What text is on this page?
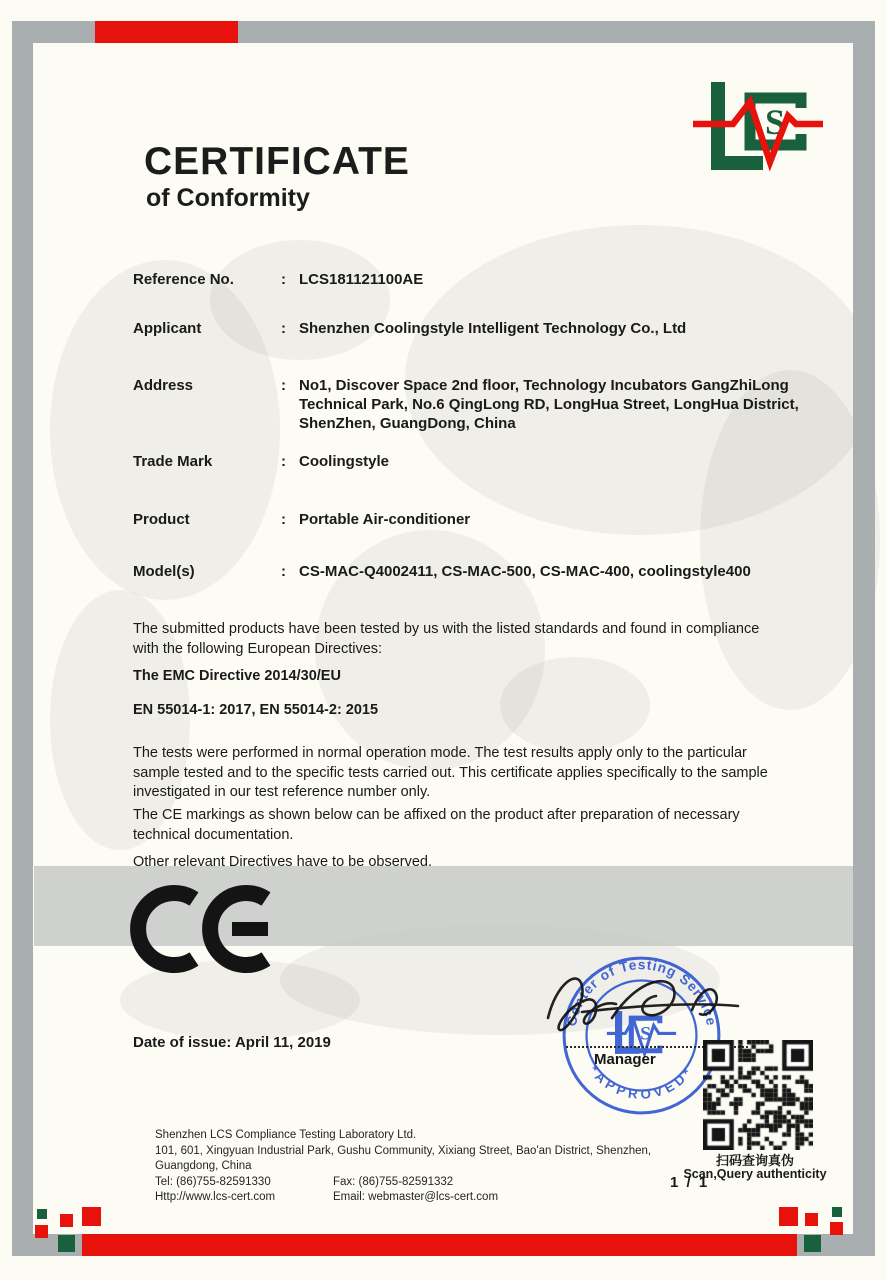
S
CERTIFICATE
of Conformity
Reference No.	: LCS181121100AE
Applicant	: Shenzhen Coolingstyle Intelligent Technology Co., Ltd
Address	: No1, Discover Space 2nd floor, Technology Incubators GangZhiLong Technical Park, No.6 QingLong RD, LongHua Street, LongHua District, ShenZhen, GuangDong, China
Trade Mark	: Coolingstyle
Product	: Portable Air-conditioner
Model(s)	: CS-MAC-Q4002411, CS-MAC-500, CS-MAC-400, coolingstyle400
The submitted products have been tested by us with the listed standards and found in compliance with the following European Directives:
The EMC Directive 2014/30/EU
EN 55014-1: 2017, EN 55014-2: 2015
The tests were performed in normal operation mode. The test results apply only to the particular sample tested and to the specific tests carried out. This certificate applies specifically to the sample investigated in our test reference number only.
The CE markings as shown below can be affixed on the product after preparation of necessary technical documentation.
Other relevant Directives have to be observed.
Date of issue: April 11, 2019
Center of Testing Service
*APPROVED*
S
Manager
扫码查询真伪
Scan,Query authenticity
Shenzhen LCS Compliance Testing Laboratory Ltd.
101, 601, Xingyuan Industrial Park, Gushu Community, Xixiang Street, Bao'an District, Shenzhen,
Guangdong, China
Tel: (86)755-82591330	Fax: (86)755-82591332
Http://www.lcs-cert.com	Email: webmaster@lcs-cert.com
1 / 1
